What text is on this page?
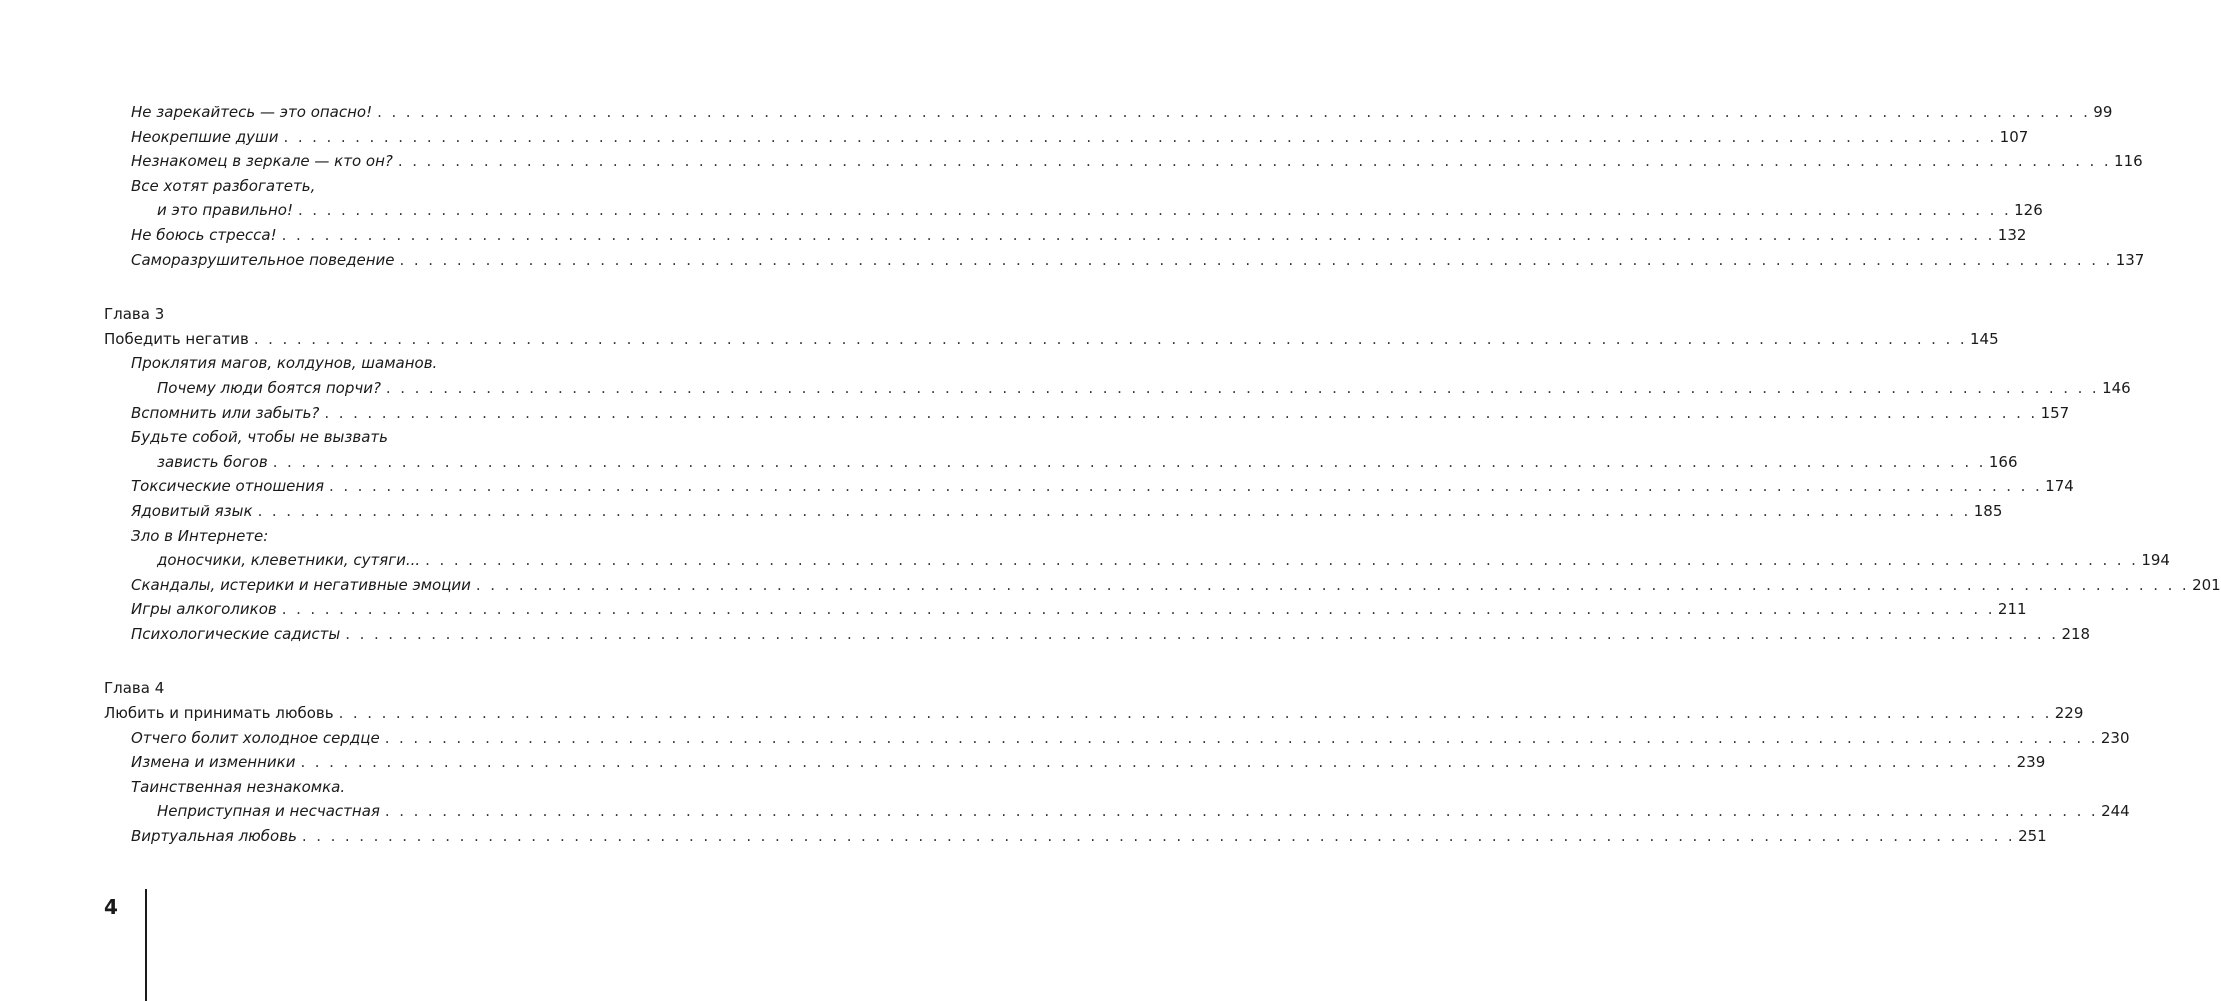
Не зарекайтесь — это опасно! . . . . . . . . . . . . . . . . . . . . . . . . . . . . . . . . . . . . . . . . . . . . . . . . . . . . . . . . . . . . . . . . . . . . . . . . . . . . . . . . . . . . . . . . . . . . . . . . . . . . . . . . . . . . . . . . . . . . . . . . 99
Неокрепшие души . . . . . . . . . . . . . . . . . . . . . . . . . . . . . . . . . . . . . . . . . . . . . . . . . . . . . . . . . . . . . . . . . . . . . . . . . . . . . . . . . . . . . . . . . . . . . . . . . . . . . . . . . . . . . . . . . . . . . . . . 107
Незнакомец в зеркале — кто он? . . . . . . . . . . . . . . . . . . . . . . . . . . . . . . . . . . . . . . . . . . . . . . . . . . . . . . . . . . . . . . . . . . . . . . . . . . . . . . . . . . . . . . . . . . . . . . . . . . . . . . . . . . . . . . . . . . . . . . . . 116
Все хотят разбогатеть,
и это правильно! . . . . . . . . . . . . . . . . . . . . . . . . . . . . . . . . . . . . . . . . . . . . . . . . . . . . . . . . . . . . . . . . . . . . . . . . . . . . . . . . . . . . . . . . . . . . . . . . . . . . . . . . . . . . . . . . . . . . . . . . 126
Не боюсь стресса! . . . . . . . . . . . . . . . . . . . . . . . . . . . . . . . . . . . . . . . . . . . . . . . . . . . . . . . . . . . . . . . . . . . . . . . . . . . . . . . . . . . . . . . . . . . . . . . . . . . . . . . . . . . . . . . . . . . . . . . . 132
Саморазрушительное поведение . . . . . . . . . . . . . . . . . . . . . . . . . . . . . . . . . . . . . . . . . . . . . . . . . . . . . . . . . . . . . . . . . . . . . . . . . . . . . . . . . . . . . . . . . . . . . . . . . . . . . . . . . . . . . . . . . . . . . . . . 137
Глава 3
Победить негатив . . . . . . . . . . . . . . . . . . . . . . . . . . . . . . . . . . . . . . . . . . . . . . . . . . . . . . . . . . . . . . . . . . . . . . . . . . . . . . . . . . . . . . . . . . . . . . . . . . . . . . . . . . . . . . . . . . . . . . . . 145
Проклятия магов, колдунов, шаманов.
Почему люди боятся порчи? . . . . . . . . . . . . . . . . . . . . . . . . . . . . . . . . . . . . . . . . . . . . . . . . . . . . . . . . . . . . . . . . . . . . . . . . . . . . . . . . . . . . . . . . . . . . . . . . . . . . . . . . . . . . . . . . . . . . . . . . 146
Вспомнить или забыть? . . . . . . . . . . . . . . . . . . . . . . . . . . . . . . . . . . . . . . . . . . . . . . . . . . . . . . . . . . . . . . . . . . . . . . . . . . . . . . . . . . . . . . . . . . . . . . . . . . . . . . . . . . . . . . . . . . . . . . . . 157
Будьте собой, чтобы не вызвать
зависть богов . . . . . . . . . . . . . . . . . . . . . . . . . . . . . . . . . . . . . . . . . . . . . . . . . . . . . . . . . . . . . . . . . . . . . . . . . . . . . . . . . . . . . . . . . . . . . . . . . . . . . . . . . . . . . . . . . . . . . . . . 166
Токсические отношения . . . . . . . . . . . . . . . . . . . . . . . . . . . . . . . . . . . . . . . . . . . . . . . . . . . . . . . . . . . . . . . . . . . . . . . . . . . . . . . . . . . . . . . . . . . . . . . . . . . . . . . . . . . . . . . . . . . . . . . . 174
Ядовитый язык . . . . . . . . . . . . . . . . . . . . . . . . . . . . . . . . . . . . . . . . . . . . . . . . . . . . . . . . . . . . . . . . . . . . . . . . . . . . . . . . . . . . . . . . . . . . . . . . . . . . . . . . . . . . . . . . . . . . . . . . 185
Зло в Интернете:
доносчики, клеветники, сутяги... . . . . . . . . . . . . . . . . . . . . . . . . . . . . . . . . . . . . . . . . . . . . . . . . . . . . . . . . . . . . . . . . . . . . . . . . . . . . . . . . . . . . . . . . . . . . . . . . . . . . . . . . . . . . . . . . . . . . . . . . 194
Скандалы, истерики и негативные эмоции . . . . . . . . . . . . . . . . . . . . . . . . . . . . . . . . . . . . . . . . . . . . . . . . . . . . . . . . . . . . . . . . . . . . . . . . . . . . . . . . . . . . . . . . . . . . . . . . . . . . . . . . . . . . . . . . . . . . . . . . 201
Игры алкоголиков . . . . . . . . . . . . . . . . . . . . . . . . . . . . . . . . . . . . . . . . . . . . . . . . . . . . . . . . . . . . . . . . . . . . . . . . . . . . . . . . . . . . . . . . . . . . . . . . . . . . . . . . . . . . . . . . . . . . . . . . 211
Психологические садисты . . . . . . . . . . . . . . . . . . . . . . . . . . . . . . . . . . . . . . . . . . . . . . . . . . . . . . . . . . . . . . . . . . . . . . . . . . . . . . . . . . . . . . . . . . . . . . . . . . . . . . . . . . . . . . . . . . . . . . . . 218
Глава 4
Любить и принимать любовь . . . . . . . . . . . . . . . . . . . . . . . . . . . . . . . . . . . . . . . . . . . . . . . . . . . . . . . . . . . . . . . . . . . . . . . . . . . . . . . . . . . . . . . . . . . . . . . . . . . . . . . . . . . . . . . . . . . . . . . . 229
Отчего болит холодное сердце . . . . . . . . . . . . . . . . . . . . . . . . . . . . . . . . . . . . . . . . . . . . . . . . . . . . . . . . . . . . . . . . . . . . . . . . . . . . . . . . . . . . . . . . . . . . . . . . . . . . . . . . . . . . . . . . . . . . . . . . 230
Измена и изменники . . . . . . . . . . . . . . . . . . . . . . . . . . . . . . . . . . . . . . . . . . . . . . . . . . . . . . . . . . . . . . . . . . . . . . . . . . . . . . . . . . . . . . . . . . . . . . . . . . . . . . . . . . . . . . . . . . . . . . . . 239
Таинственная незнакомка.
Неприступная и несчастная . . . . . . . . . . . . . . . . . . . . . . . . . . . . . . . . . . . . . . . . . . . . . . . . . . . . . . . . . . . . . . . . . . . . . . . . . . . . . . . . . . . . . . . . . . . . . . . . . . . . . . . . . . . . . . . . . . . . . . . . 244
Виртуальная любовь . . . . . . . . . . . . . . . . . . . . . . . . . . . . . . . . . . . . . . . . . . . . . . . . . . . . . . . . . . . . . . . . . . . . . . . . . . . . . . . . . . . . . . . . . . . . . . . . . . . . . . . . . . . . . . . . . . . . . . . . 251
4
